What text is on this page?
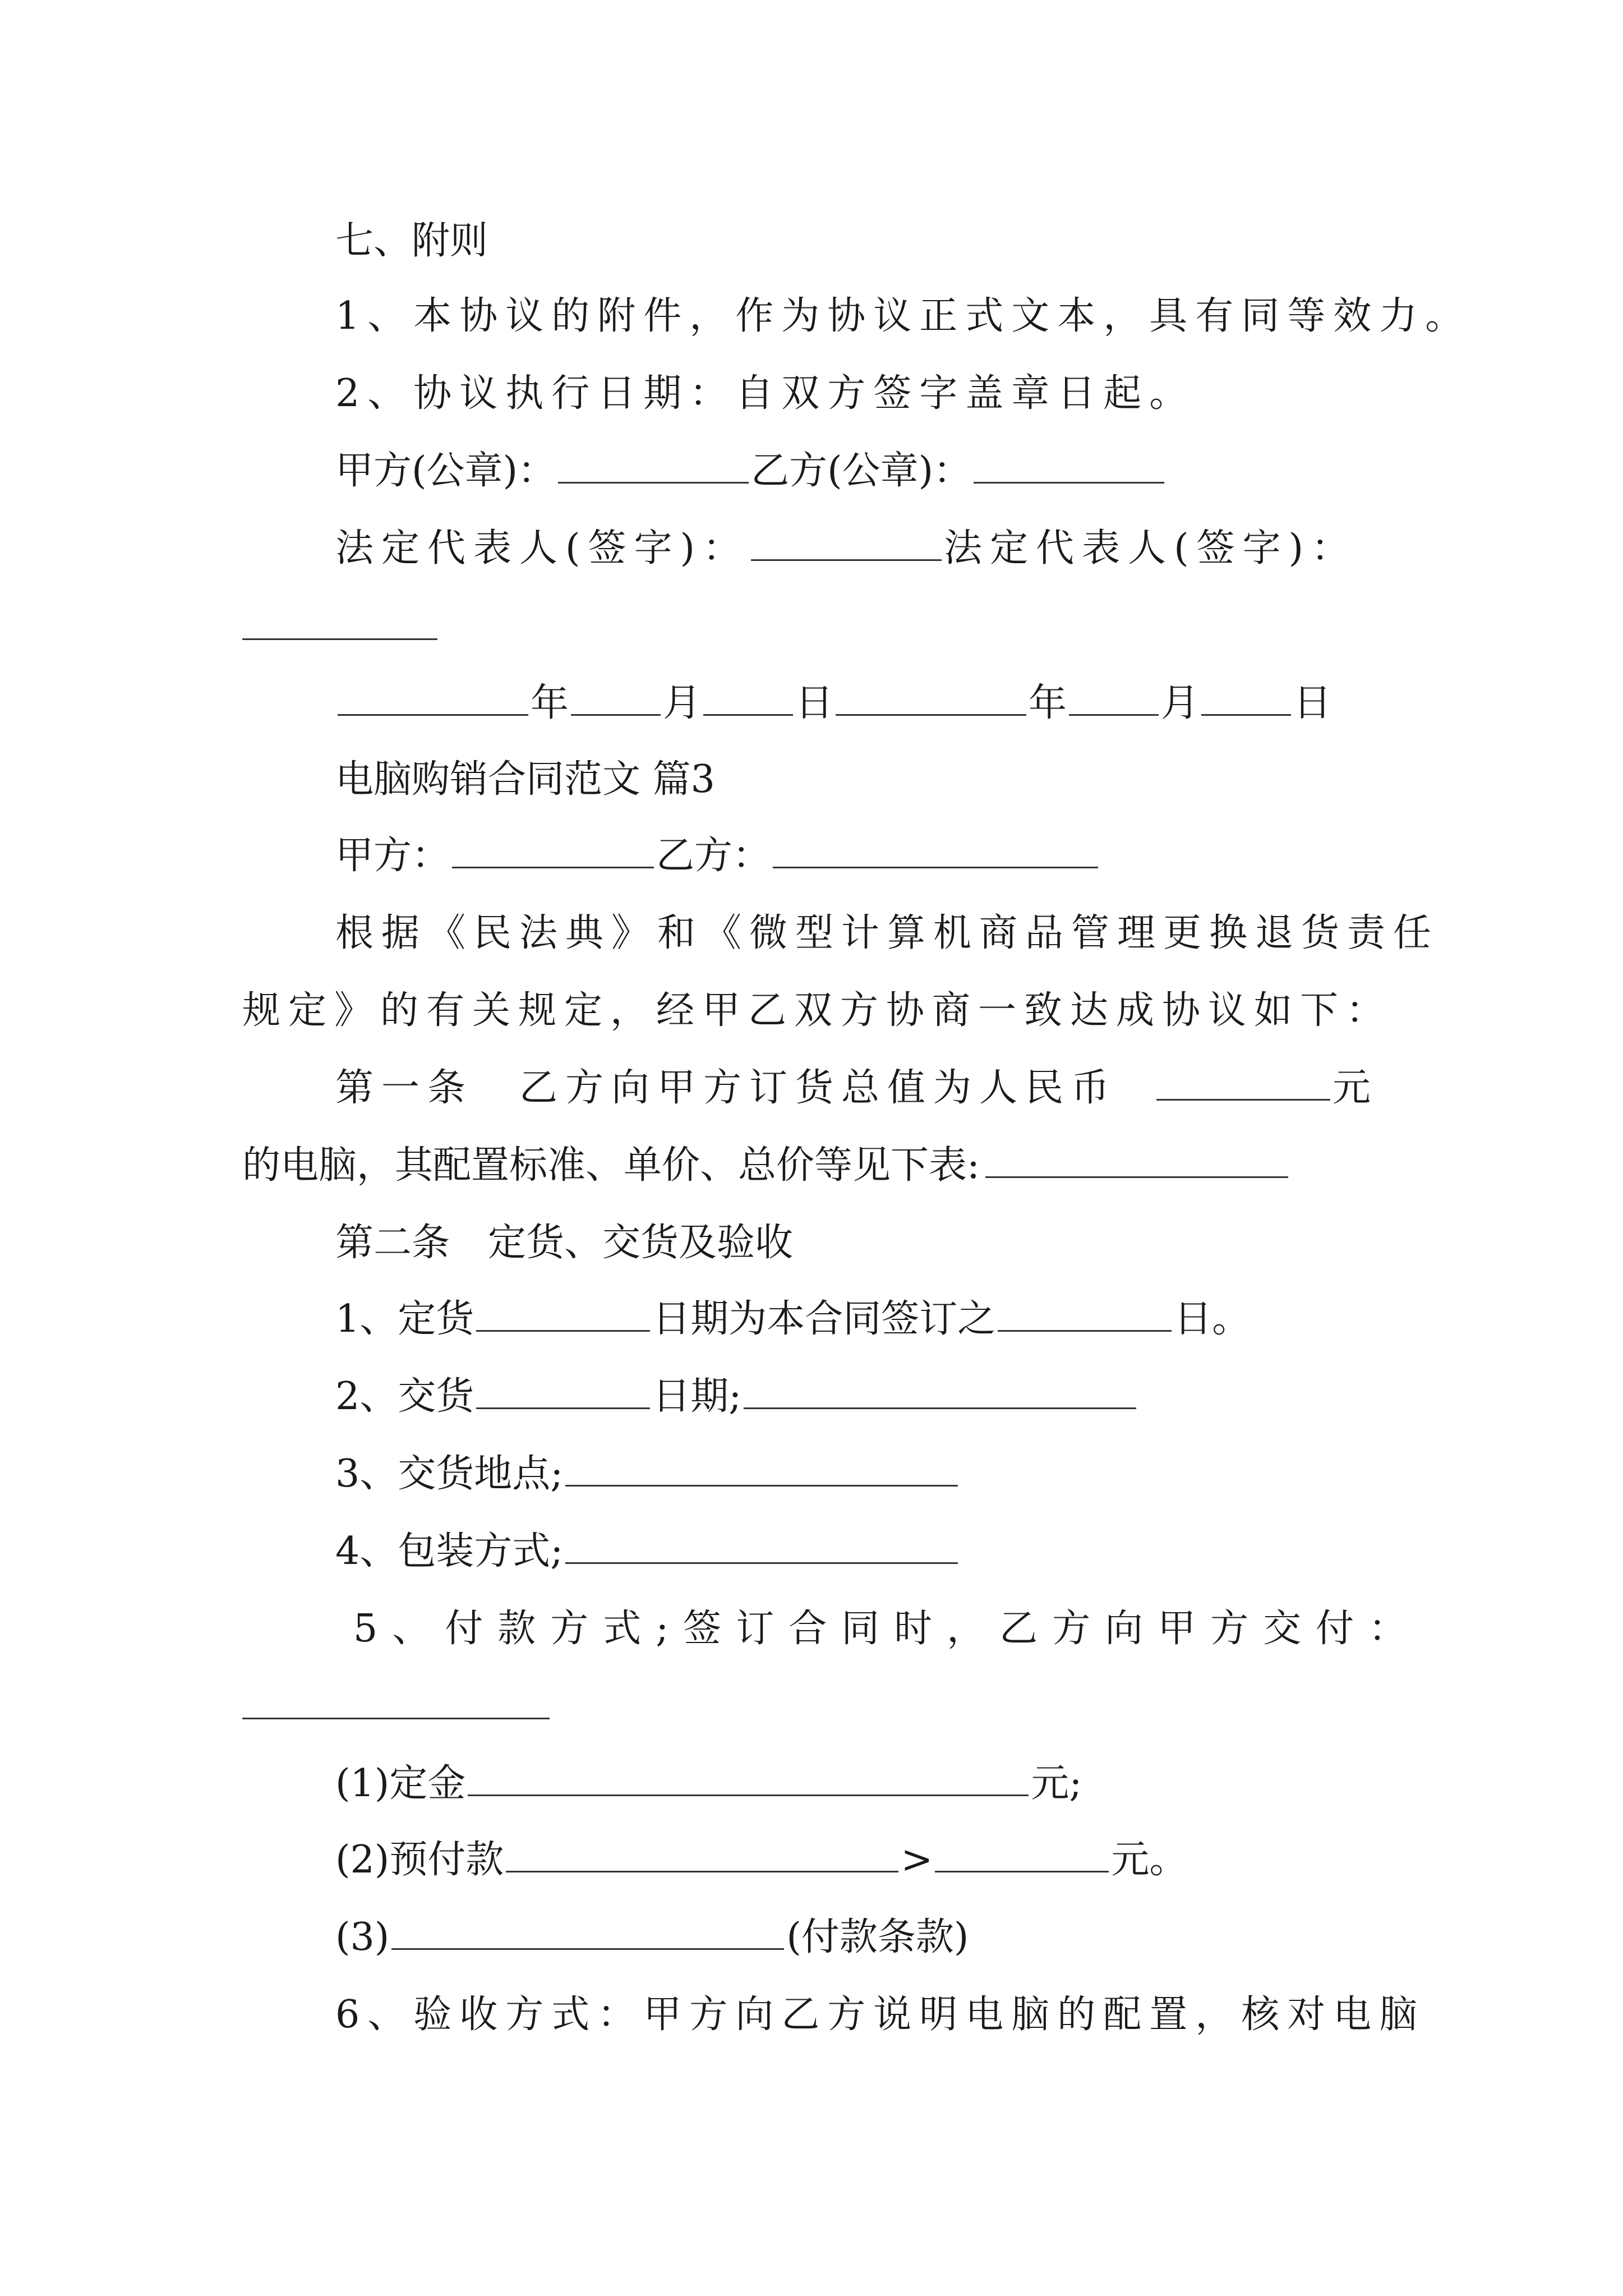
七、附则
1、本协议的附件，作为协议正式文本，具有同等效力。
2、协议执行日期：自双方签字盖章日起。
甲方(公章)：	乙方(公章)：
法定代表人(签字)：	法定代表人(签字)：
年 月 日	年 月 日
电脑购销合同范文 篇3
甲方：	乙方：
根据《民法典》和《微型计算机商品管理更换退货责任
规定》的有关规定，经甲乙双方协商一致达成协议如下：
第一条　乙方向甲方订货总值为人民币	元
的电脑，其配置标准、单价、总价等见下表:
第二条　定货、交货及验收
1、定货	日期为本合同签订之	日。
2、交货	日期;
3、交货地点;
4、包装方式;
5、付款方式;签订合同时，乙方向甲方交付：
(1)定金	元;
(2)预付款	>	元。
(3)	(付款条款)
6、验收方式：甲方向乙方说明电脑的配置，核对电脑
